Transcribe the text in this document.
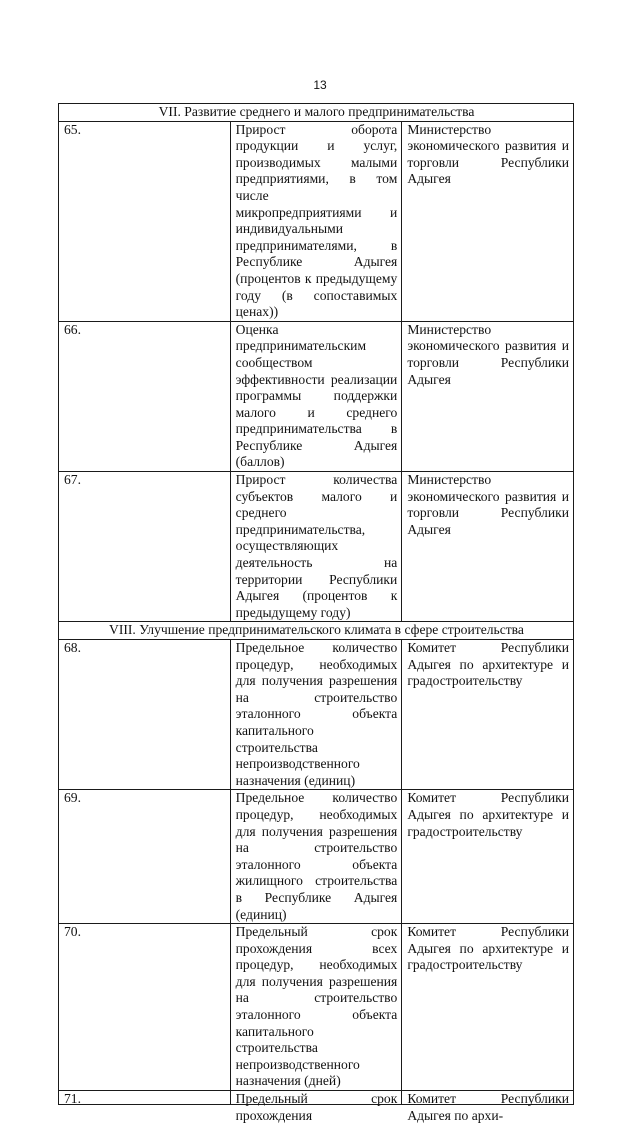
13
VII. Развитие среднего и малого предпринимательства		
65.	Прирост оборота продукции и услуг, производимых малыми предприятиями, в том числе микропредприятиями и индивидуальными предпринимателями, в Республике Адыгея (процентов к предыдущему году (в сопоставимых ценах))	Министерство экономического развития и торговли Республики Адыгея
66.	Оценка предпринимательским сообществом эффективности реализации программы поддержки малого и среднего предпринимательства в Республике Адыгея (баллов)	Министерство экономического развития и торговли Республики Адыгея
67.	Прирост количества субъектов малого и среднего предпринимательства, осуществляющих деятельность на территории Республики Адыгея (процентов к предыдущему году)	Министерство экономического развития и торговли Республики Адыгея
VIII. Улучшение предпринимательского климата в сфере строительства		
68.	Предельное количество процедур, необходимых для получения разрешения на строительство эталонного объекта капитального строительства непроизводственного назначения (единиц)	Комитет Республики Адыгея по архитектуре и градостроительству
69.	Предельное количество процедур, необходимых для получения разрешения на строительство эталонного объекта жилищного строительства в Республике Адыгея (единиц)	Комитет Республики Адыгея по архитектуре и градостроительству
70.	Предельный срок прохождения всех процедур, необходимых для получения разрешения на строительство эталонного объекта капитального строительства непроизводственного назначения (дней)	Комитет Республики Адыгея по архитектуре и градостроительству

71.	Предельный срок прохождения	Комитет Республики Адыгея по архи-
